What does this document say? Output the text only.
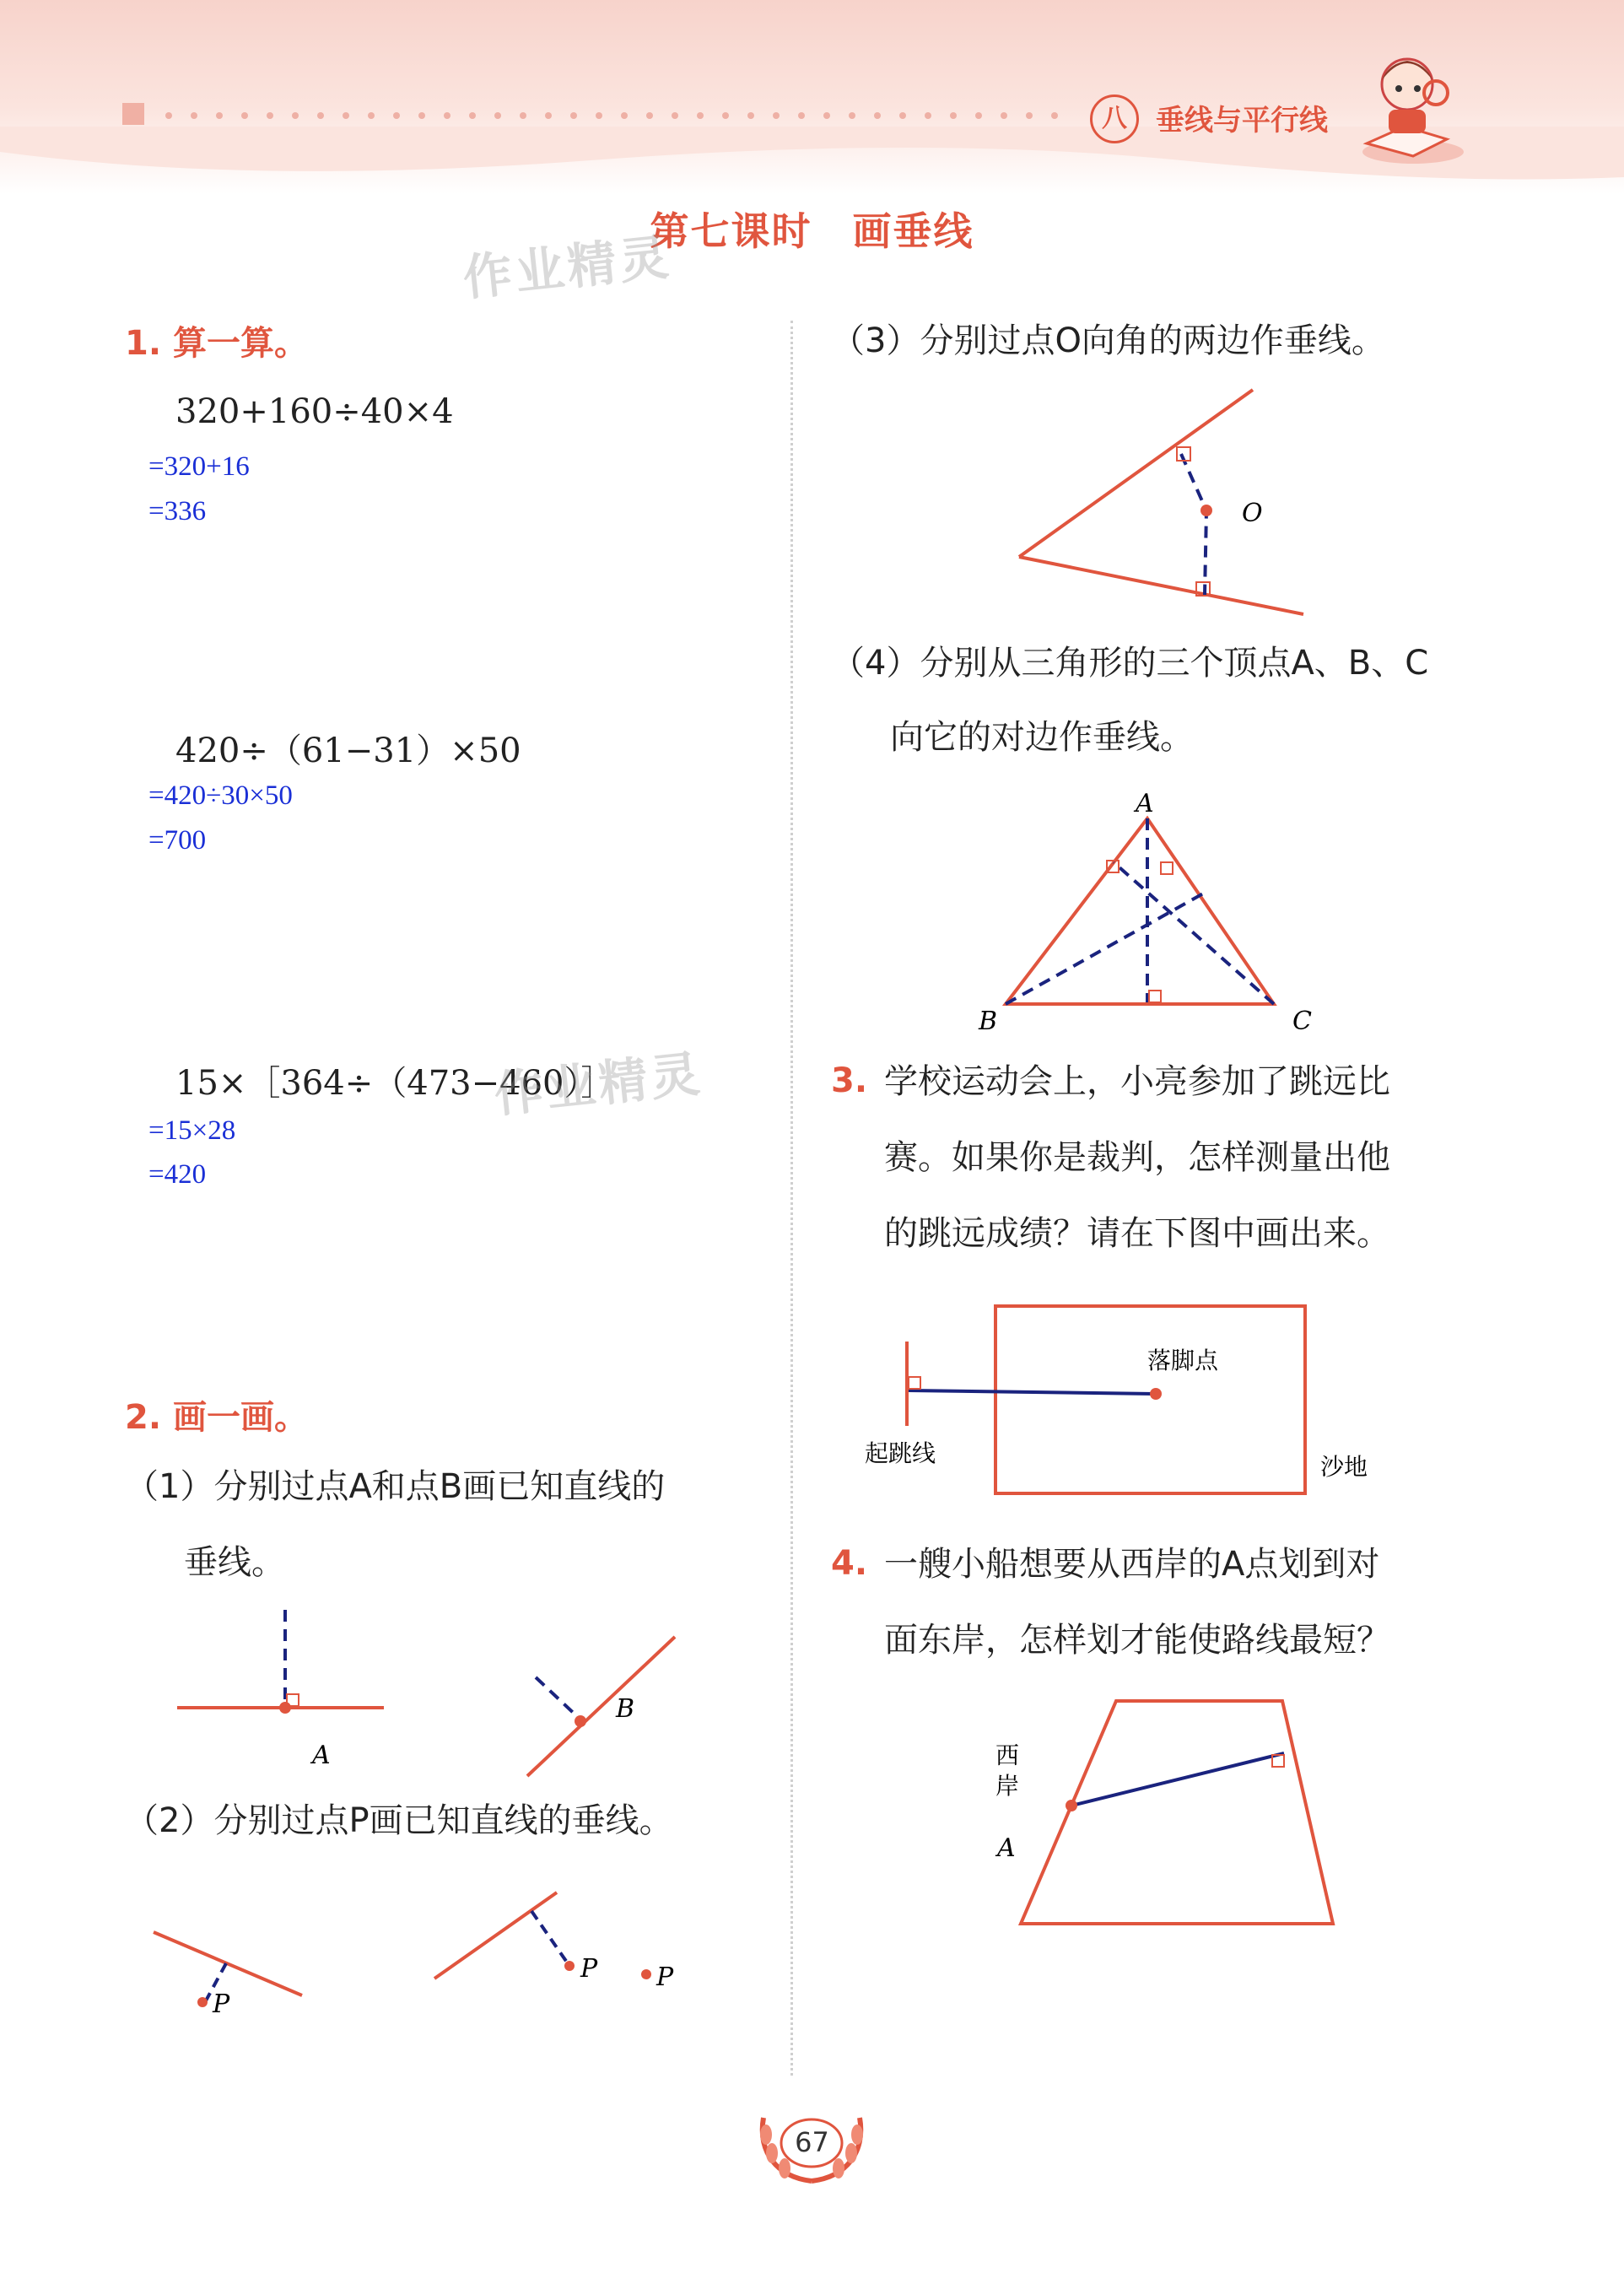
八	垂线与平行线
第七课时　画垂线
作业精灵
1. 算一算。
320+160÷40×4
=320+16
=336
420÷（61−31）×50
=420÷30×50
=700
15×［364÷（473−460）］
作业精灵
=15×28
=420
2. 画一画。
（1）分别过点A和点B画已知直线的
垂线。
A
B
（2）分别过点P画已知直线的垂线。
P
P P
（3）分别过点O向角的两边作垂线。
O
（4）分别从三角形的三个顶点A、B、C
向它的对边作垂线。
A
B	C
3. 学校运动会上，小亮参加了跳远比
赛。如果你是裁判，怎样测量出他
的跳远成绩？请在下图中画出来。
落脚点
起跳线	沙地
4. 一艘小船想要从西岸的A点划到对
面东岸，怎样划才能使路线最短？
西岸
A
67
